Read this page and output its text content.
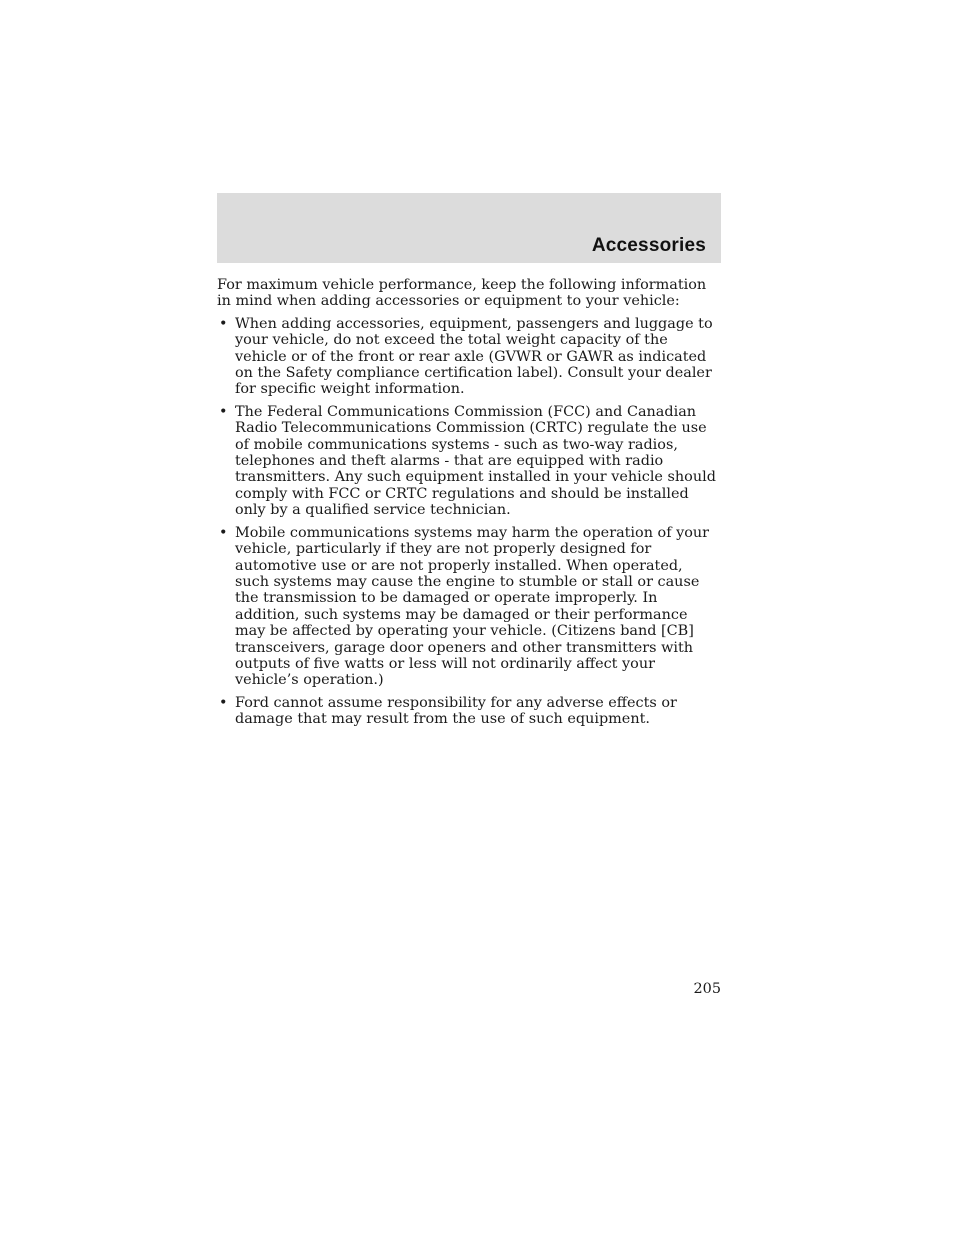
Accessories

For maximum vehicle performance, keep the following information in mind when adding accessories or equipment to your vehicle:

• When adding accessories, equipment, passengers and luggage to your vehicle, do not exceed the total weight capacity of the vehicle or of the front or rear axle (GVWR or GAWR as indicated on the Safety compliance certification label). Consult your dealer for specific weight information.
• The Federal Communications Commission (FCC) and Canadian Radio Telecommunications Commission (CRTC) regulate the use of mobile communications systems - such as two-way radios, telephones and theft alarms - that are equipped with radio transmitters. Any such equipment installed in your vehicle should comply with FCC or CRTC regulations and should be installed only by a qualified service technician.
• Mobile communications systems may harm the operation of your vehicle, particularly if they are not properly designed for automotive use or are not properly installed. When operated, such systems may cause the engine to stumble or stall or cause the transmission to be damaged or operate improperly. In addition, such systems may be damaged or their performance may be affected by operating your vehicle. (Citizens band [CB] transceivers, garage door openers and other transmitters with outputs of five watts or less will not ordinarily affect your vehicle’s operation.)
• Ford cannot assume responsibility for any adverse effects or damage that may result from the use of such equipment.
205
